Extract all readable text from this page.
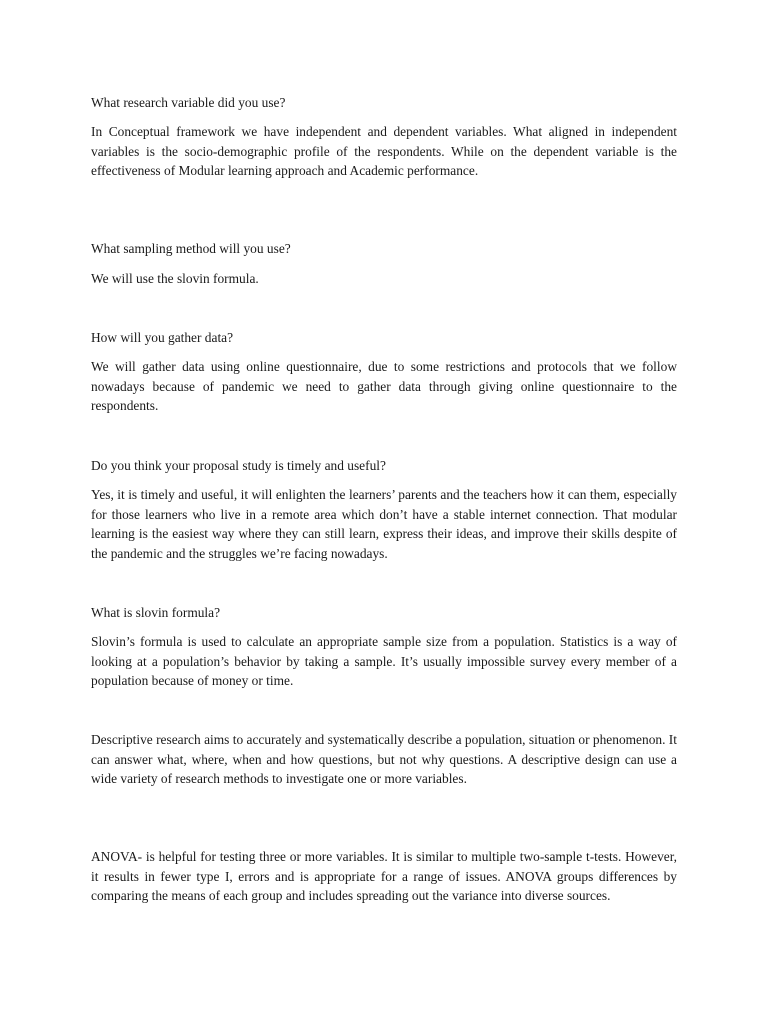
What research variable did you use?

In Conceptual framework we have independent and dependent variables. What aligned in independent variables is the socio-demographic profile of the respondents. While on the dependent variable is the effectiveness of Modular learning approach and Academic performance.

What sampling method will you use?

We will use the slovin formula.

How will you gather data?

We will gather data using online questionnaire, due to some restrictions and protocols that we follow nowadays because of pandemic we need to gather data through giving online questionnaire to the respondents.

Do you think your proposal study is timely and useful?

Yes, it is timely and useful, it will enlighten the learners’ parents and the teachers how it can them, especially for those learners who live in a remote area which don’t have a stable internet connection. That modular learning is the easiest way where they can still learn, express their ideas, and improve their skills despite of the pandemic and the struggles we’re facing nowadays.

What is slovin formula?

Slovin’s formula is used to calculate an appropriate sample size from a population. Statistics is a way of looking at a population’s behavior by taking a sample. It’s usually impossible survey every member of a population because of money or time.

Descriptive research aims to accurately and systematically describe a population, situation or phenomenon. It can answer what, where, when and how questions, but not why questions. A descriptive design can use a wide variety of research methods to investigate one or more variables.

ANOVA- is helpful for testing three or more variables. It is similar to multiple two-sample t-tests. However, it results in fewer type I, errors and is appropriate for a range of issues. ANOVA groups differences by comparing the means of each group and includes spreading out the variance into diverse sources.
